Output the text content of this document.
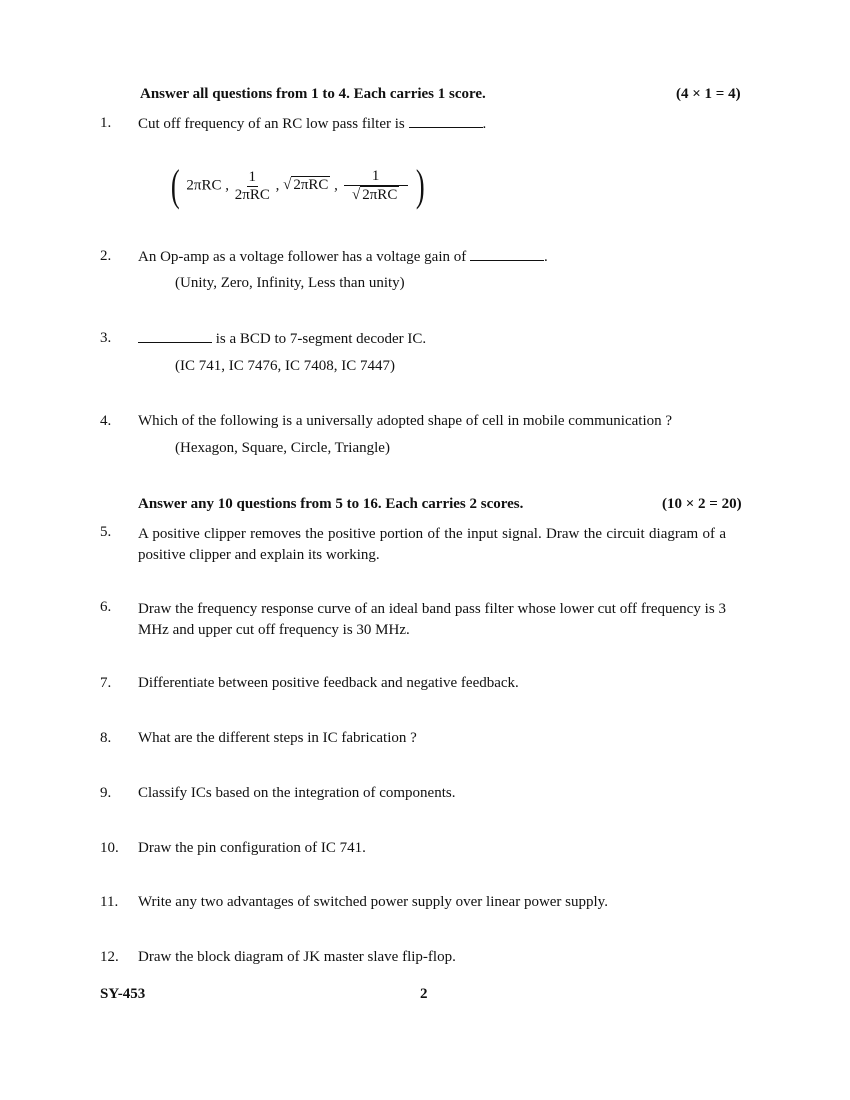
Answer all questions from 1 to 4. Each carries 1 score.	(4 × 1 = 4)
1. Cut off frequency of an RC low pass filter is	.
( 2πRC , $\frac{1}{\text{2πRC}}$ , √ 2πRC , $\frac{1}{\text{√ 2πRC}}$ )
2. An Op-amp as a voltage follower has a voltage gain of	.
(Unity, Zero, Infinity, Less than unity)
3.	is a BCD to 7-segment decoder IC.
(IC 741, IC 7476, IC 7408, IC 7447)
4. Which of the following is a universally adopted shape of cell in mobile communication ?
(Hexagon, Square, Circle, Triangle)
Answer any 10 questions from 5 to 16. Each carries 2 scores.	(10 × 2 = 20)
5. A positive clipper removes the positive portion of the input signal. Draw the circuit diagram of a positive clipper and explain its working.
6. Draw the frequency response curve of an ideal band pass filter whose lower cut off frequency is 3 MHz and upper cut off frequency is 30 MHz.
7. Differentiate between positive feedback and negative feedback.
8. What are the different steps in IC fabrication ?
9. Classify ICs based on the integration of components.
10. Draw the pin configuration of IC 741.
11. Write any two advantages of switched power supply over linear power supply.
12. Draw the block diagram of JK master slave flip-flop.
SY-453	2
